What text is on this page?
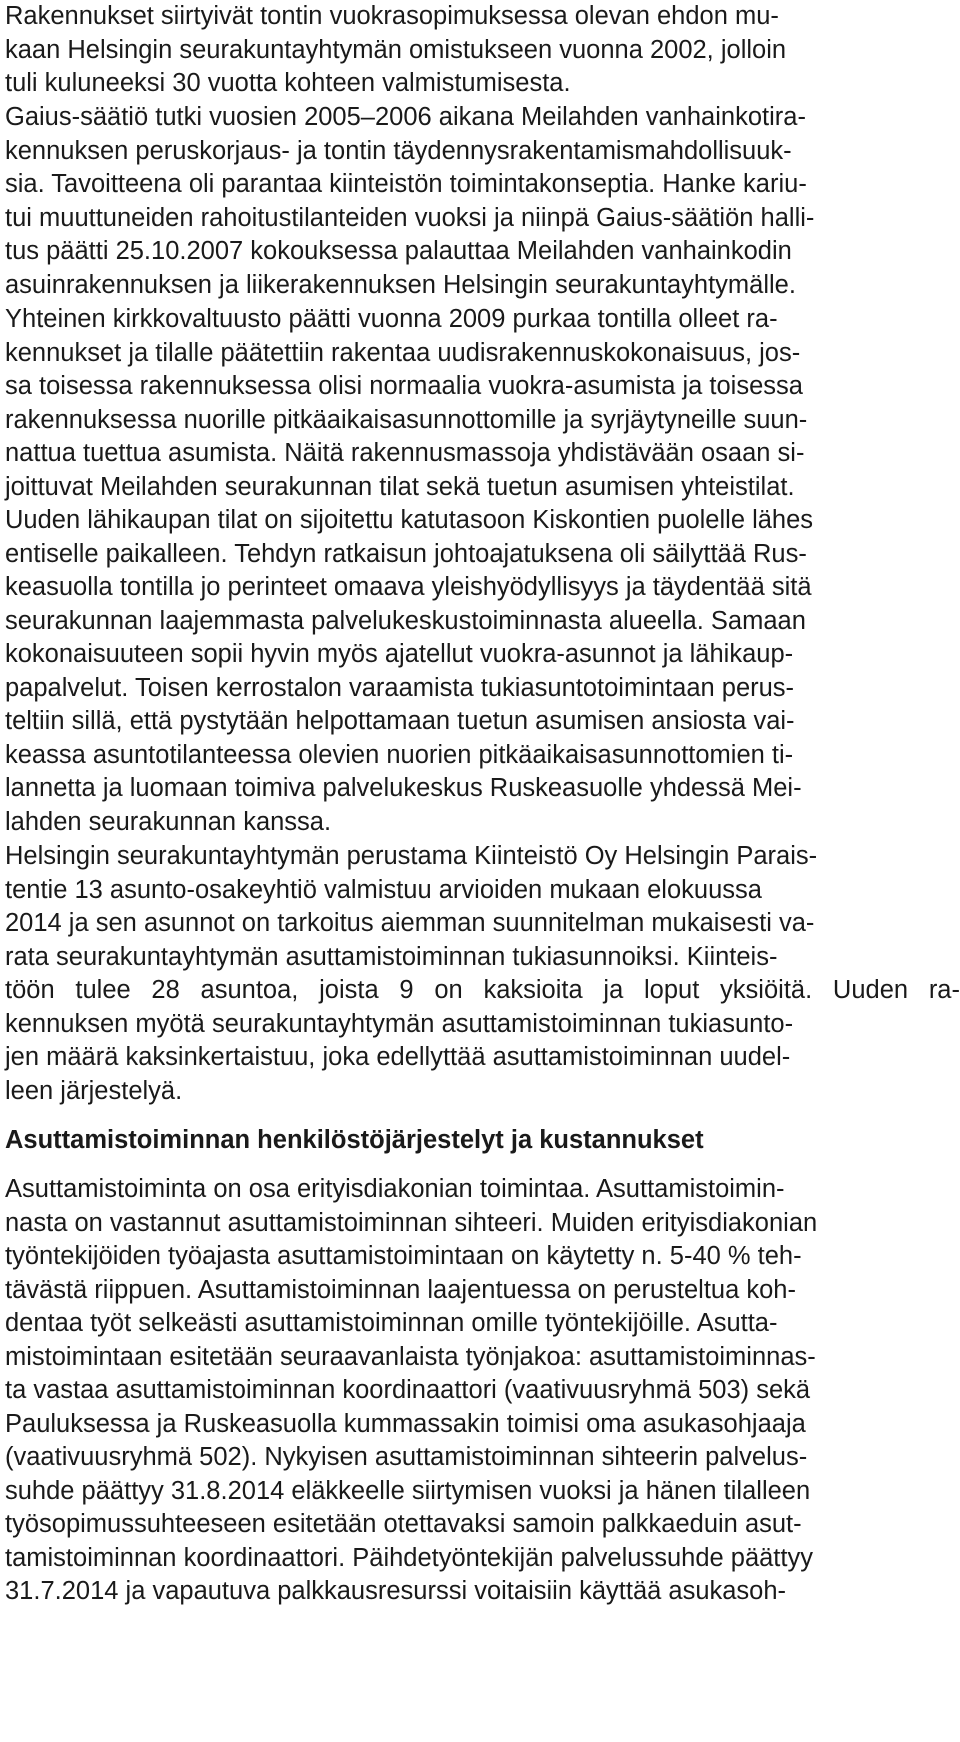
Rakennukset siirtyivät tontin vuokrasopimuksessa olevan ehdon mu-
kaan Helsingin seurakuntayhtymän omistukseen vuonna 2002, jolloin
tuli kuluneeksi 30 vuotta kohteen valmistumisesta.
Gaius-säätiö tutki vuosien 2005–2006 aikana Meilahden vanhainkotira-
kennuksen peruskorjaus- ja tontin täydennysrakentamismahdollisuuk-
sia. Tavoitteena oli parantaa kiinteistön toimintakonseptia. Hanke kariu-
tui muuttuneiden rahoitustilanteiden vuoksi ja niinpä Gaius-säätiön halli-
tus päätti 25.10.2007 kokouksessa palauttaa Meilahden vanhainkodin
asuinrakennuksen ja liikerakennuksen Helsingin seurakuntayhtymälle.
Yhteinen kirkkovaltuusto päätti vuonna 2009 purkaa tontilla olleet ra-
kennukset ja tilalle päätettiin rakentaa uudisrakennuskokonaisuus, jos-
sa toisessa rakennuksessa olisi normaalia vuokra-asumista ja toisessa
rakennuksessa nuorille pitkäaikaisasunnottomille ja syrjäytyneille suun-
nattua tuettua asumista. Näitä rakennusmassoja yhdistävään osaan si-
joittuvat Meilahden seurakunnan tilat sekä tuetun asumisen yhteistilat.
Uuden lähikaupan tilat on sijoitettu katutasoon Kiskontien puolelle lähes
entiselle paikalleen. Tehdyn ratkaisun johtoajatuksena oli säilyttää Rus-
keasuolla tontilla jo perinteet omaava yleishyödyllisyys ja täydentää sitä
seurakunnan laajemmasta palvelukeskustoiminnasta alueella. Samaan
kokonaisuuteen sopii hyvin myös ajatellut vuokra-asunnot ja lähikaup-
papalvelut. Toisen kerrostalon varaamista tukiasuntotoimintaan perus-
teltiin sillä, että pystytään helpottamaan tuetun asumisen ansiosta vai-
keassa asuntotilanteessa olevien nuorien pitkäaikaisasunnottomien ti-
lannetta ja luomaan toimiva palvelukeskus Ruskeasuolle yhdessä Mei-
lahden seurakunnan kanssa.
Helsingin seurakuntayhtymän perustama Kiinteistö Oy Helsingin Parais-
tentie 13 asunto-osakeyhtiö valmistuu arvioiden mukaan elokuussa
2014 ja sen asunnot on tarkoitus aiemman suunnitelman mukaisesti va-
rata seurakuntayhtymän asuttamistoiminnan tukiasunnoiksi. Kiinteis-
töön tulee 28 asuntoa, joista 9 on kaksioita ja loput yksiöitä. Uuden ra-
kennuksen myötä seurakuntayhtymän asuttamistoiminnan tukiasunto-
jen määrä kaksinkertaistuu, joka edellyttää asuttamistoiminnan uudel-
leen järjestelyä.
Asuttamistoiminnan henkilöstöjärjestelyt ja kustannukset
Asuttamistoiminta on osa erityisdiakonian toimintaa. Asuttamistoimin-
nasta on vastannut asuttamistoiminnan sihteeri. Muiden erityisdiakonian
työntekijöiden työajasta asuttamistoimintaan on käytetty n. 5-40 % teh-
tävästä riippuen. Asuttamistoiminnan laajentuessa on perusteltua koh-
dentaa työt selkeästi asuttamistoiminnan omille työntekijöille. Asutta-
mistoimintaan esitetään seuraavanlaista työnjakoa: asuttamistoiminnas-
ta vastaa asuttamistoiminnan koordinaattori (vaativuusryhmä 503) sekä
Pauluksessa ja Ruskeasuolla kummassakin toimisi oma asukasohjaaja
(vaativuusryhmä 502). Nykyisen asuttamistoiminnan sihteerin palvelus-
suhde päättyy 31.8.2014 eläkkeelle siirtymisen vuoksi ja hänen tilalleen
työsopimussuhteeseen esitetään otettavaksi samoin palkkaeduin asut-
tamistoiminnan koordinaattori. Päihdetyöntekijän palvelussuhde päättyy
31.7.2014 ja vapautuva palkkausresurssi voitaisiin käyttää asukasoh-
